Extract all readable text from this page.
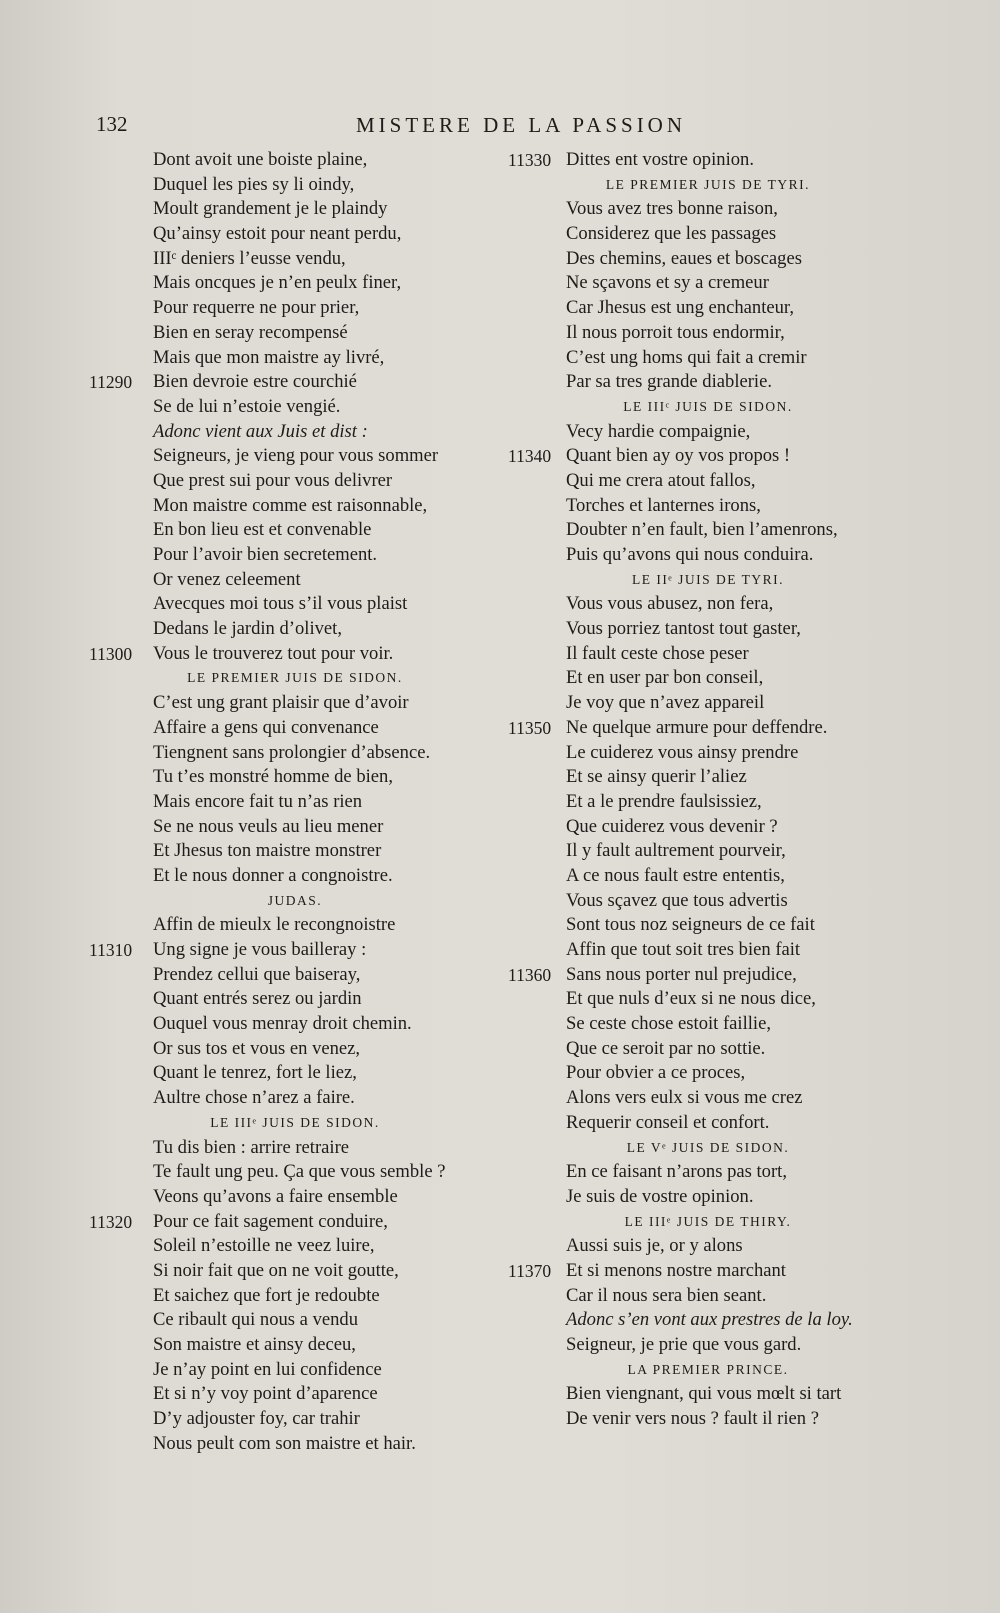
132	MISTERE DE LA PASSION
Dont avoit une boiste plaine,
Duquel les pies sy li oindy,
Moult grandement je le plaindy
Qu’ainsy estoit pour neant perdu,
IIIᶜ deniers l’eusse vendu,
Mais oncques je n’en peulx finer,
Pour requerre ne pour prier,
Bien en seray recompensé
Mais que mon maistre ay livré,
11290 Bien devroie estre courchié
Se de lui n’estoie vengié.
Adonc vient aux Juis et dist :
Seigneurs, je vieng pour vous sommer
Que prest sui pour vous delivrer
Mon maistre comme est raisonnable,
En bon lieu est et convenable
Pour l’avoir bien secretement.
Or venez celeement
Avecques moi tous s’il vous plaist
Dedans le jardin d’olivet,
11300 Vous le trouverez tout pour voir.
LE PREMIER JUIS DE SIDON.
C’est ung grant plaisir que d’avoir
Affaire a gens qui convenance
Tiengnent sans prolongier d’absence.
Tu t’es monstré homme de bien,
Mais encore fait tu n’as rien
Se ne nous veuls au lieu mener
Et Jhesus ton maistre monstrer
Et le nous donner a congnoistre.
JUDAS.
Affin de mieulx le recongnoistre
11310 Ung signe je vous bailleray :
Prendez cellui que baiseray,
Quant entrés serez ou jardin
Ouquel vous menray droit chemin.
Or sus tos et vous en venez,
Quant le tenrez, fort le liez,
Aultre chose n’arez a faire.
LE IIIᵉ JUIS DE SIDON.
Tu dis bien : arrire retraire
Te fault ung peu. Ça que vous semble ?
Veons qu’avons a faire ensemble
11320 Pour ce fait sagement conduire,
Soleil n’estoille ne veez luire,
Si noir fait que on ne voit goutte,
Et saichez que fort je redoubte
Ce ribault qui nous a vendu
Son maistre et ainsy deceu,
Je n’ay point en lui confidence
Et si n’y voy point d’aparence
D’y adjouster foy, car trahir
Nous peult com son maistre et hair.
11330 Dittes ent vostre opinion.
LE PREMIER JUIS DE TYRI.
Vous avez tres bonne raison,
Considerez que les passages
Des chemins, eaues et boscages
Ne sçavons et sy a cremeur
Car Jhesus est ung enchanteur,
Il nous porroit tous endormir,
C’est ung homs qui fait a cremir
Par sa tres grande diablerie.
LE IIIᶜ JUIS DE SIDON.
Vecy hardie compaignie,
11340 Quant bien ay oy vos propos !
Qui me crera atout fallos,
Torches et lanternes irons,
Doubter n’en fault, bien l’amenrons,
Puis qu’avons qui nous conduira.
LE IIᵉ JUIS DE TYRI.
Vous vous abusez, non fera,
Vous porriez tantost tout gaster,
Il fault ceste chose peser
Et en user par bon conseil,
Je voy que n’avez appareil
11350 Ne quelque armure pour deffendre.
Le cuiderez vous ainsy prendre
Et se ainsy querir l’aliez
Et a le prendre faulsissiez,
Que cuiderez vous devenir ?
Il y fault aultrement pourveir,
A ce nous fault estre ententis,
Vous sçavez que tous advertis
Sont tous noz seigneurs de ce fait
Affin que tout soit tres bien fait
11360 Sans nous porter nul prejudice,
Et que nuls d’eux si ne nous dice,
Se ceste chose estoit faillie,
Que ce seroit par no sottie.
Pour obvier a ce proces,
Alons vers eulx si vous me crez
Requerir conseil et confort.
LE Vᵉ JUIS DE SIDON.
En ce faisant n’arons pas tort,
Je suis de vostre opinion.
LE IIIᵉ JUIS DE THIRY.
Aussi suis je, or y alons
11370 Et si menons nostre marchant
Car il nous sera bien seant.
Adonc s’en vont aux prestres de la loy.
Seigneur, je prie que vous gard.
LA PREMIER PRINCE.
Bien viengnant, qui vous mœlt si tart
De venir vers nous ? fault il rien ?
